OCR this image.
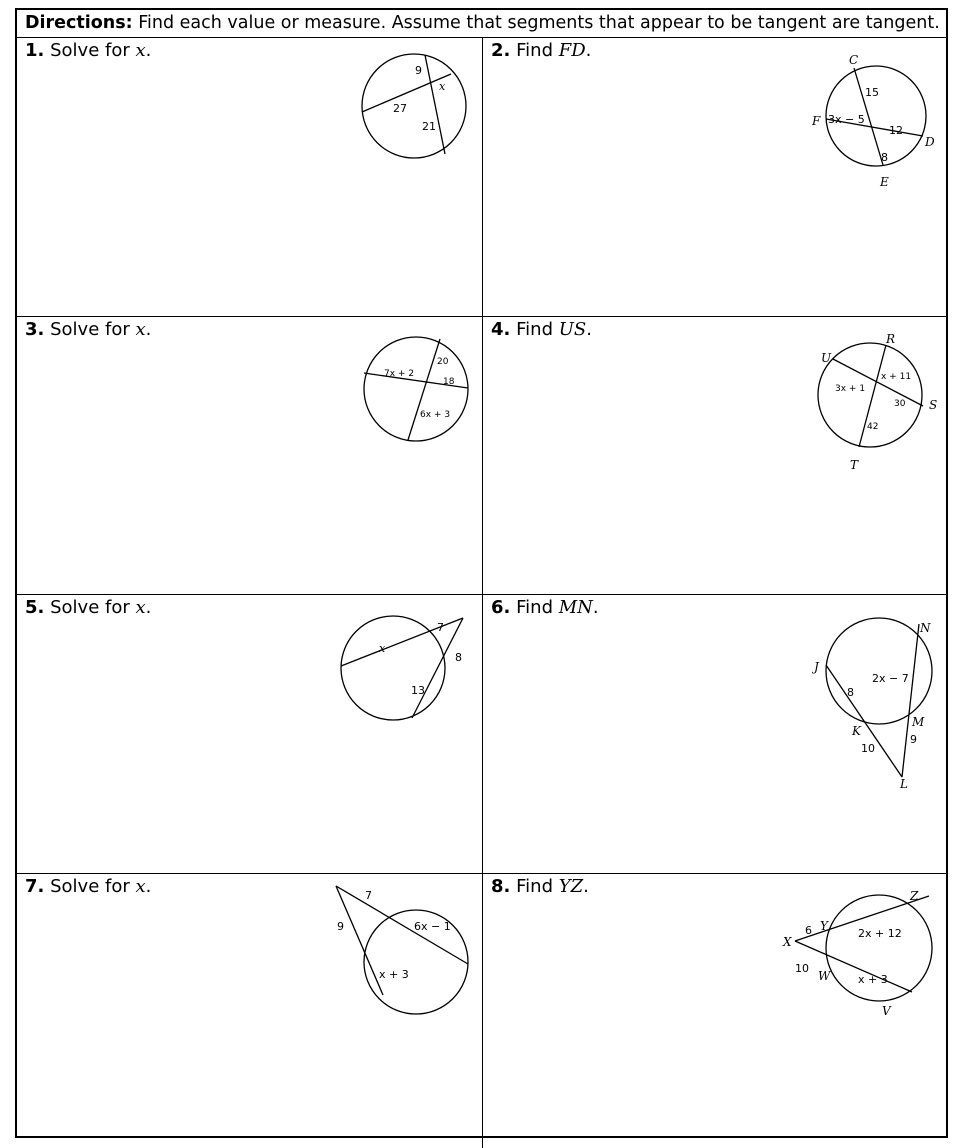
Directions: Find each value or measure. Assume that segments that appear to be tangent are tangent.
1. Solve for x.
9
x
27
21
2. Find FD.	C
F
D
E
15
3x − 5
12
8
3. Solve for x.
20
7x + 2
18
6x + 3
4. Find US.	R
U
S
T
x + 11
3x + 1
30
42
5. Solve for x.
7
x
8
13
6. Find MN.
N
J
K
M
L
2x − 7
8
9
10
7. Solve for x.	7
9	6x − 1
x + 3
8. Find YZ.	Z
Y
X
W
V
6	2x + 12
10
x + 3
